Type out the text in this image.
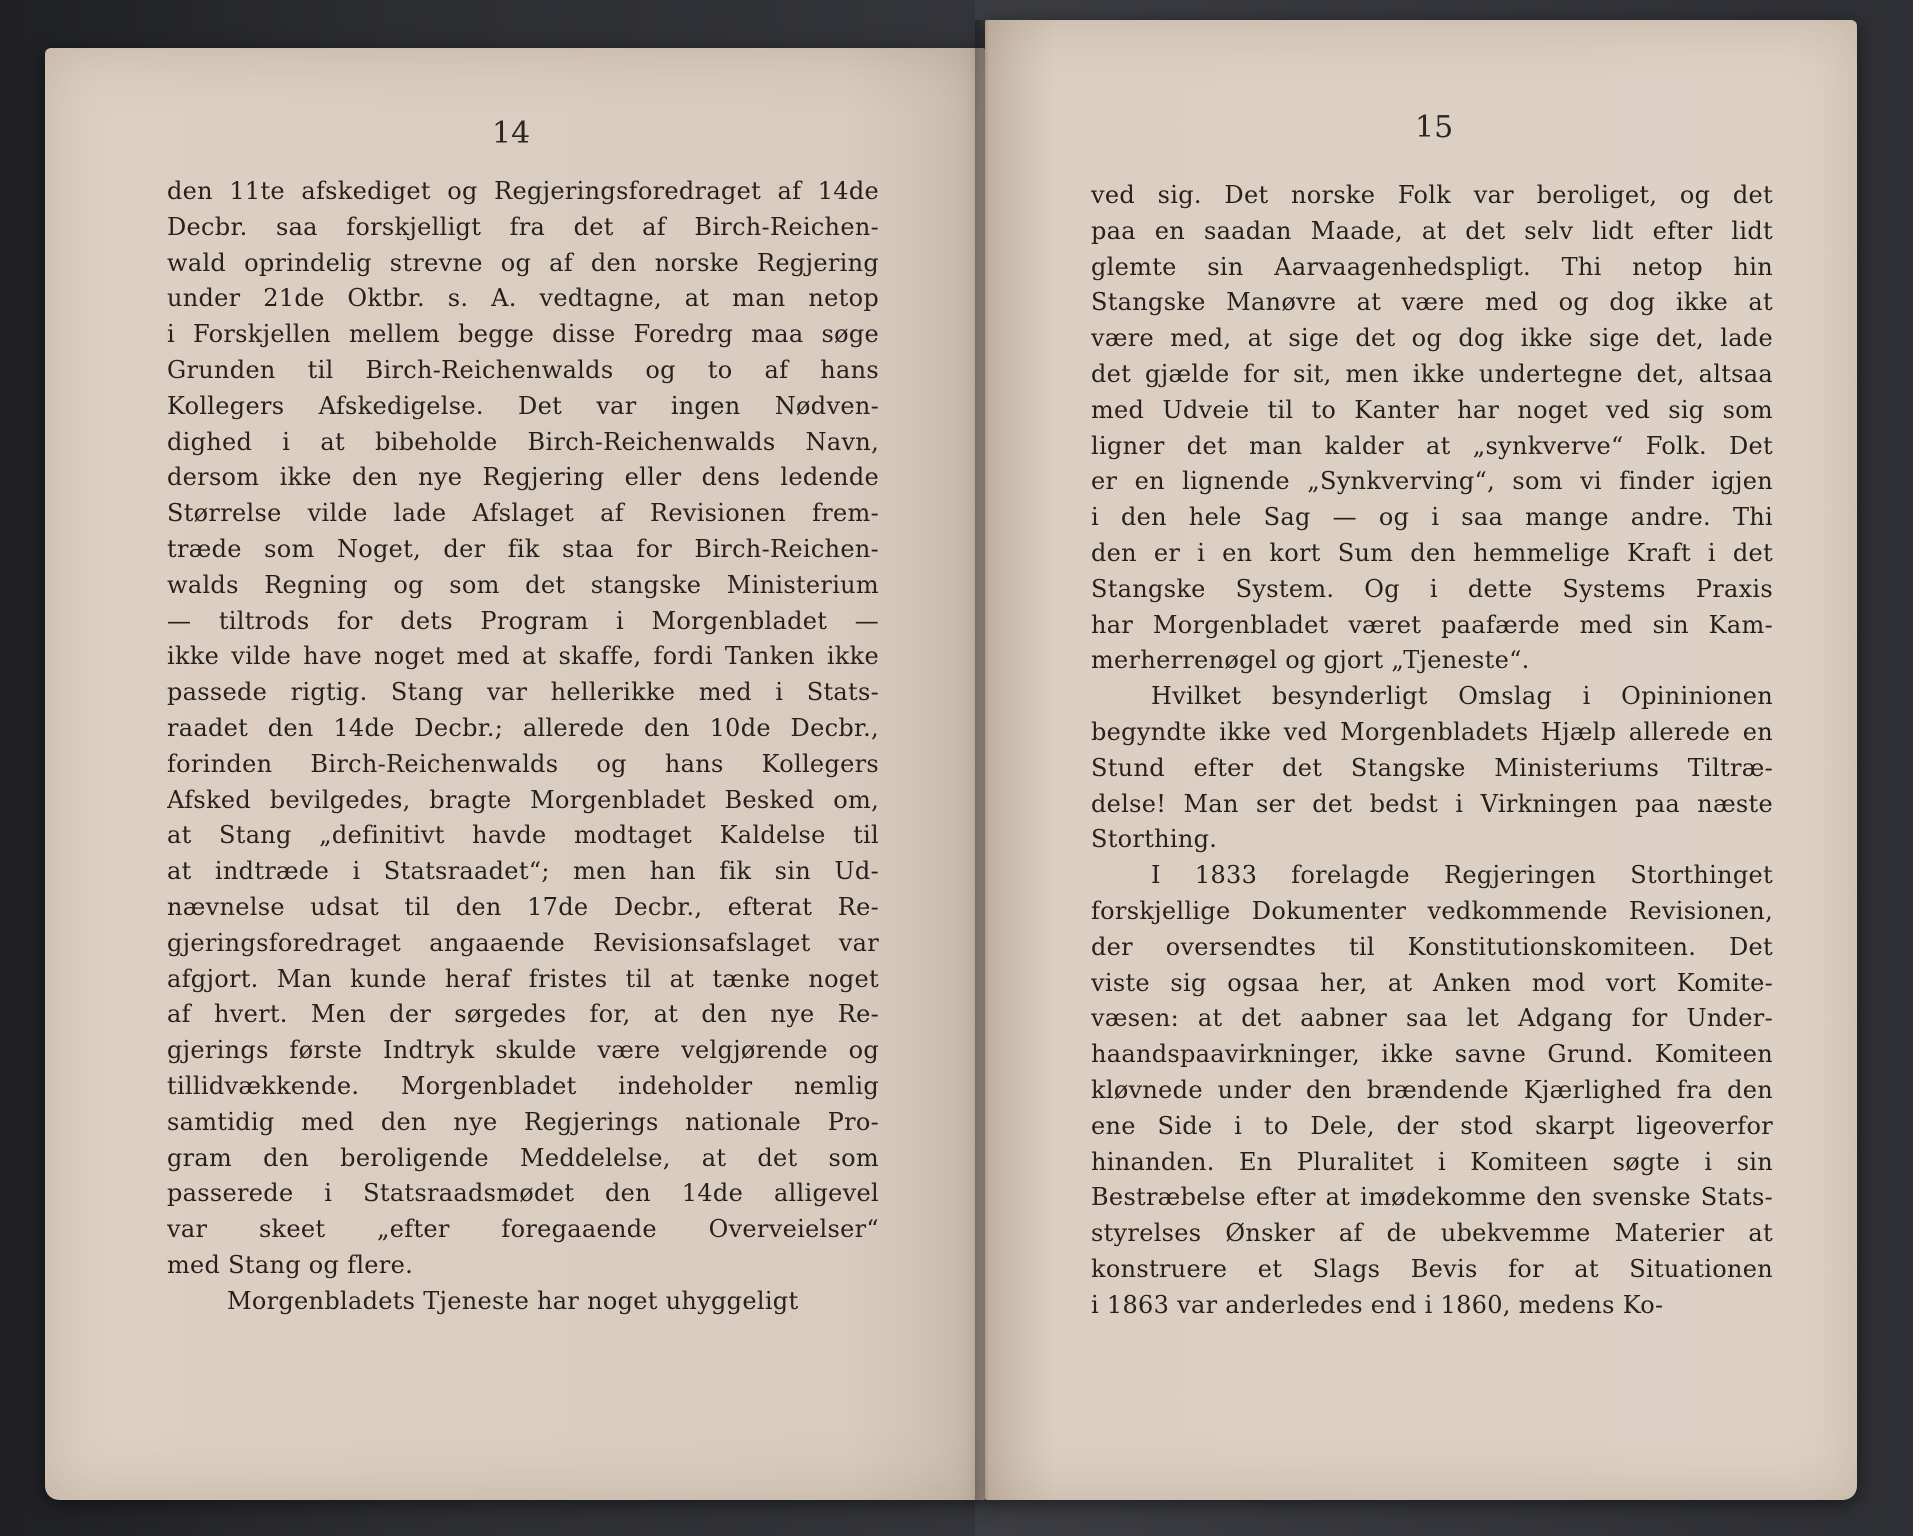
14
den 11te afskediget og Regjeringsforedraget af 14de
Decbr. saa forskjelligt fra det af Birch-Reichen-
wald oprindelig strevne og af den norske Regjering
under 21de Oktbr. s. A. vedtagne, at man netop
i Forskjellen mellem begge disse Foredrg maa søge
Grunden til Birch-Reichenwalds og to af hans
Kollegers Afskedigelse. Det var ingen Nødven-
dighed i at bibeholde Birch-Reichenwalds Navn,
dersom ikke den nye Regjering eller dens ledende
Størrelse vilde lade Afslaget af Revisionen frem-
træde som Noget, der fik staa for Birch-Reichen-
walds Regning og som det stangske Ministerium
— tiltrods for dets Program i Morgenbladet —
ikke vilde have noget med at skaffe, fordi Tanken ikke
passede rigtig. Stang var hellerikke med i Stats-
raadet den 14de Decbr.; allerede den 10de Decbr.,
forinden Birch-Reichenwalds og hans Kollegers
Afsked bevilgedes, bragte Morgenbladet Besked om,
at Stang „definitivt havde modtaget Kaldelse til
at indtræde i Statsraadet“; men han fik sin Ud-
nævnelse udsat til den 17de Decbr., efterat Re-
gjeringsforedraget angaaende Revisionsafslaget var
afgjort. Man kunde heraf fristes til at tænke noget
af hvert. Men der sørgedes for, at den nye Re-
gjerings første Indtryk skulde være velgjørende og
tillidvækkende. Morgenbladet indeholder nemlig
samtidig med den nye Regjerings nationale Pro-
gram den beroligende Meddelelse, at det som
passerede i Statsraadsmødet den 14de alligevel
var skeet „efter foregaaende Overveielser“
med Stang og flere.
Morgenbladets Tjeneste har noget uhyggeligt
15
ved sig. Det norske Folk var beroliget, og det
paa en saadan Maade, at det selv lidt efter lidt
glemte sin Aarvaagenhedspligt. Thi netop hin
Stangske Manøvre at være med og dog ikke at
være med, at sige det og dog ikke sige det, lade
det gjælde for sit, men ikke undertegne det, altsaa
med Udveie til to Kanter har noget ved sig som
ligner det man kalder at „synkverve“ Folk. Det
er en lignende „Synkverving“, som vi finder igjen
i den hele Sag — og i saa mange andre. Thi
den er i en kort Sum den hemmelige Kraft i det
Stangske System. Og i dette Systems Praxis
har Morgenbladet været paafærde med sin Kam-
merherrenøgel og gjort „Tjeneste“.
Hvilket besynderligt Omslag i Opininionen
begyndte ikke ved Morgenbladets Hjælp allerede en
Stund efter det Stangske Ministeriums Tiltræ-
delse! Man ser det bedst i Virkningen paa næste
Storthing.
I 1833 forelagde Regjeringen Storthinget
forskjellige Dokumenter vedkommende Revisionen,
der oversendtes til Konstitutionskomiteen. Det
viste sig ogsaa her, at Anken mod vort Komite-
væsen: at det aabner saa let Adgang for Under-
haandspaavirkninger, ikke savne Grund. Komiteen
kløvnede under den brændende Kjærlighed fra den
ene Side i to Dele, der stod skarpt ligeoverfor
hinanden. En Pluralitet i Komiteen søgte i sin
Bestræbelse efter at imødekomme den svenske Stats-
styrelses Ønsker af de ubekvemme Materier at
konstruere et Slags Bevis for at Situationen
i 1863 var anderledes end i 1860, medens Ko-
